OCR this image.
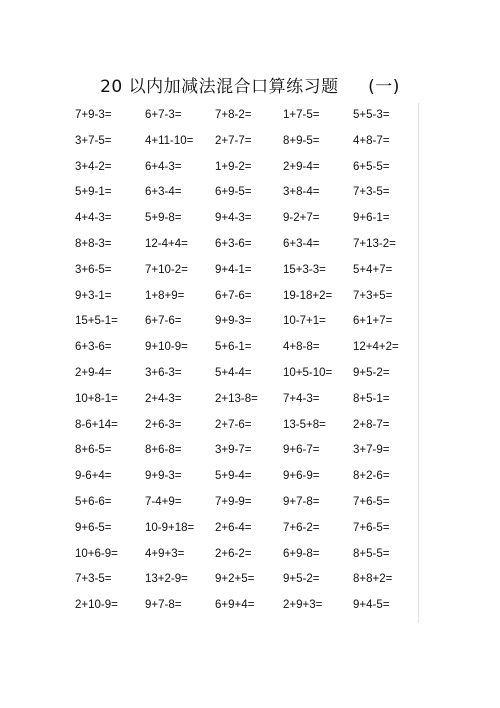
20 以内加减法混合口算练习题     (一)
7+9-3=	6+7-3=	7+8-2=	1+7-5=	5+5-3=
3+7-5=	4+11-10=	2+7-7=	8+9-5=	4+8-7=
3+4-2=	6+4-3=	1+9-2=	2+9-4=	6+5-5=
5+9-1=	6+3-4=	6+9-5=	3+8-4=	7+3-5=
4+4-3=	5+9-8=	9+4-3=	9-2+7=	9+6-1=
8+8-3=	12-4+4=	6+3-6=	6+3-4=	7+13-2=
3+6-5=	7+10-2=	9+4-1=	15+3-3=	5+4+7=
9+3-1=	1+8+9=	6+7-6=	19-18+2=	7+3+5=
15+5-1=	6+7-6=	9+9-3=	10-7+1=	6+1+7=
6+3-6=	9+10-9=	5+6-1=	4+8-8=	12+4+2=
2+9-4=	3+6-3=	5+4-4=	10+5-10=	9+5-2=
10+8-1=	2+4-3=	2+13-8=	7+4-3=	8+5-1=
8-6+14=	2+6-3=	2+7-6=	13-5+8=	2+8-7=
8+6-5=	8+6-8=	3+9-7=	9+6-7=	3+7-9=
9-6+4=	9+9-3=	5+9-4=	9+6-9=	8+2-6=
5+6-6=	7-4+9=	7+9-9=	9+7-8=	7+6-5=
9+6-5=	10-9+18=	2+6-4=	7+6-2=	7+6-5=
10+6-9=	4+9+3=	2+6-2=	6+9-8=	8+5-5=
7+3-5=	13+2-9=	9+2+5=	9+5-2=	8+8+2=
2+10-9=	9+7-8=	6+9+4=	2+9+3=	9+4-5=
